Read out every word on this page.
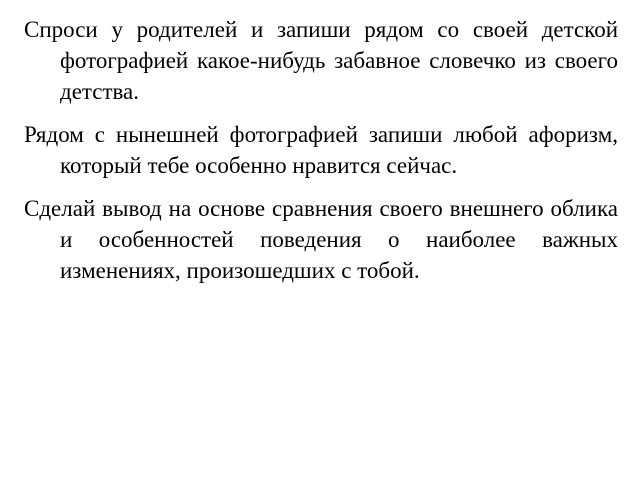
Спроси у родителей и запиши рядом со своей детской фотографией какое-нибудь забавное словечко из своего детства.

Рядом с нынешней фотографией запиши любой афоризм, который тебе особенно нравится сейчас.

Сделай вывод на основе сравнения своего внешнего облика и особенностей поведения о наиболее важных изменениях, произошедших с тобой.
